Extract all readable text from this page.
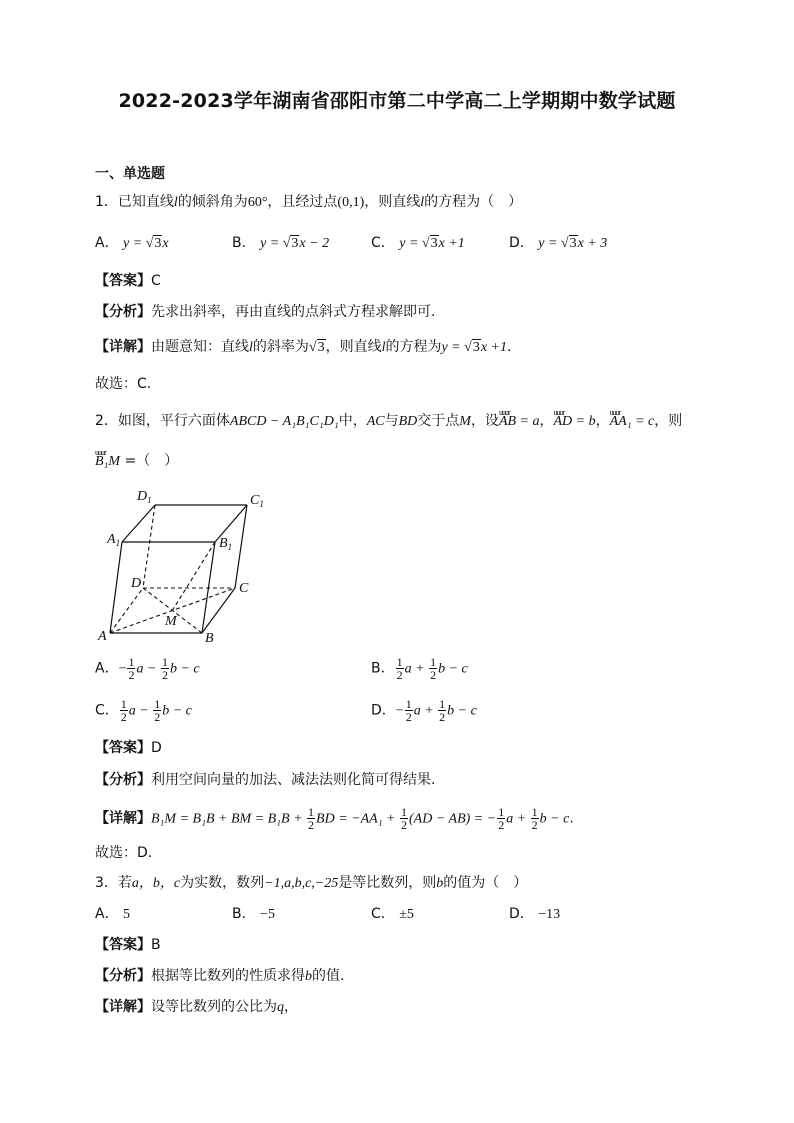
2022-2023学年湖南省邵阳市第二中学高二上学期期中数学试题
一、单选题
1．已知直线l的倾斜角为60°，且经过点(0,1)，则直线l的方程为（　）
A． y = √3x	B． y = √3x − 2	C． y = √3x +1	D． y = √3x + 3
【答案】C
【分析】先求出斜率，再由直线的点斜式方程求解即可.
【详解】由题意知：直线l的斜率为√3，则直线l的方程为y = √3x +1.
故选：C.
2．如图，平行六面体ABCD − A₁B₁C₁D₁中，AC与BD交于点M，设uuur AB = a，uuur AD = b，uuur AA₁ = c，则
uuur B₁M =（　）
$D_1$	$C_1$
$A_1$	$B_1$
D	C
A	B
M
A．− $\frac{1}{2}$ $a - \frac{1}{2}$ b − c	B． $\frac{1}{2}$ $a + \frac{1}{2}$ b − c
C． $\frac{1}{2}$ $a - \frac{1}{2}$ b − c	D．− $\frac{1}{2}$ $a + \frac{1}{2}$ b − c
【答案】D
【分析】利用空间向量的加法、减法法则化简可得结果.
【详解】B₁M = B₁B + BM = $B_1B + \frac{1}{2}$ BD = $-AA_1 + \frac{1}{2} (AD - AB)$ = − $\frac{1}{2}$ $a + \frac{1}{2}$ b − c.
故选：D.
3．若a，b，c为实数，数列−1,a,b,c,−25是等比数列，则b的值为（　）
A． 5	B． −5	C． ±5	D． −13
【答案】B
【分析】根据等比数列的性质求得b的值.
【详解】设等比数列的公比为q，
